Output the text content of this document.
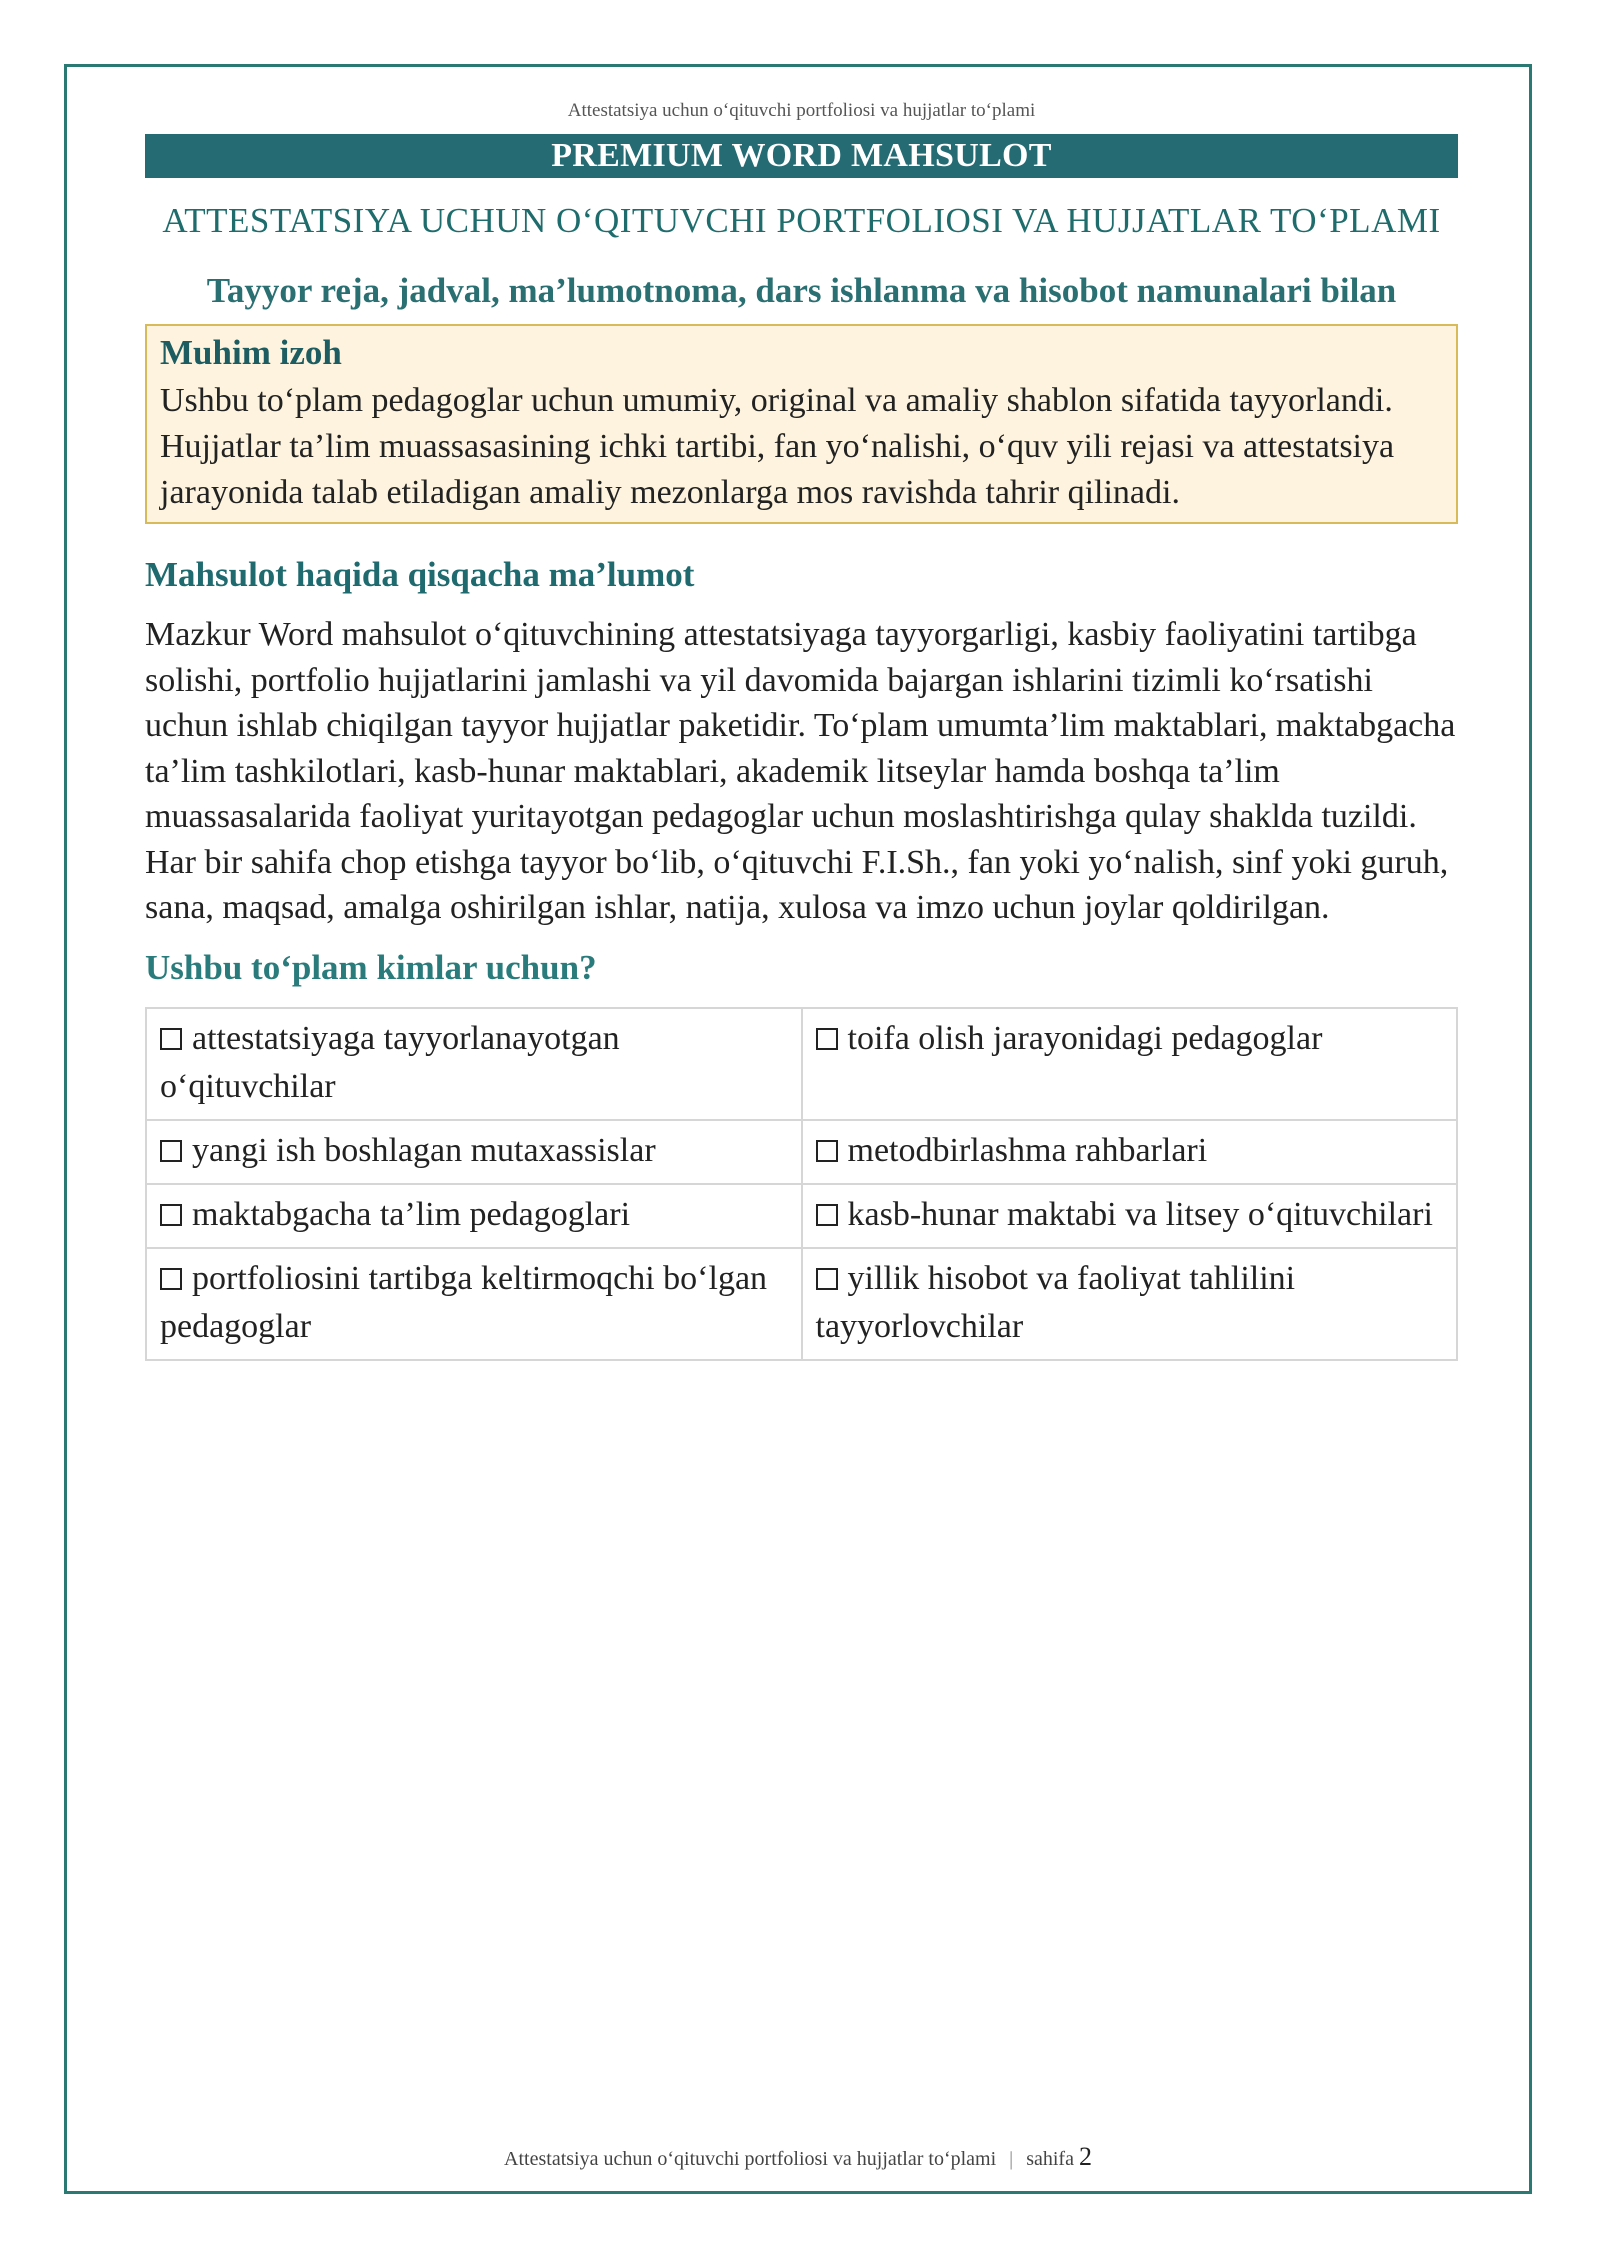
Attestatsiya uchun o‘qituvchi portfoliosi va hujjatlar to‘plami
PREMIUM WORD MAHSULOT
ATTESTATSIYA UCHUN O‘QITUVCHI PORTFOLIOSI VA HUJJATLAR TO‘PLAMI
Tayyor reja, jadval, ma’lumotnoma, dars ishlanma va hisobot namunalari bilan
Muhim izoh
Ushbu to‘plam pedagoglar uchun umumiy, original va amaliy shablon sifatida tayyorlandi. Hujjatlar ta’lim muassasasining ichki tartibi, fan yo‘nalishi, o‘quv yili rejasi va attestatsiya jarayonida talab etiladigan amaliy mezonlarga mos ravishda tahrir qilinadi.
Mahsulot haqida qisqacha ma’lumot
Mazkur Word mahsulot o‘qituvchining attestatsiyaga tayyorgarligi, kasbiy faoliyatini tartibga solishi, portfolio hujjatlarini jamlashi va yil davomida bajargan ishlarini tizimli ko‘rsatishi uchun ishlab chiqilgan tayyor hujjatlar paketidir. To‘plam umumta’lim maktablari, maktabgacha ta’lim tashkilotlari, kasb-hunar maktablari, akademik litseylar hamda boshqa ta’lim muassasalarida faoliyat yuritayotgan pedagoglar uchun moslashtirishga qulay shaklda tuzildi. Har bir sahifa chop etishga tayyor bo‘lib, o‘qituvchi F.I.Sh., fan yoki yo‘nalish, sinf yoki guruh, sana, maqsad, amalga oshirilgan ishlar, natija, xulosa va imzo uchun joylar qoldirilgan.
Ushbu to‘plam kimlar uchun?
attestatsiyaga tayyorlanayotgan o‘qituvchilar	toifa olish jarayonidagi pedagoglar
yangi ish boshlagan mutaxassislar	metodbirlashma rahbarlari
maktabgacha ta’lim pedagoglari	kasb-hunar maktabi va litsey o‘qituvchilari
portfoliosini tartibga keltirmoqchi bo‘lgan pedagoglar	yillik hisobot va faoliyat tahlilini tayyorlovchilar
Attestatsiya uchun o‘qituvchi portfoliosi va hujjatlar to‘plami | sahifa 2
